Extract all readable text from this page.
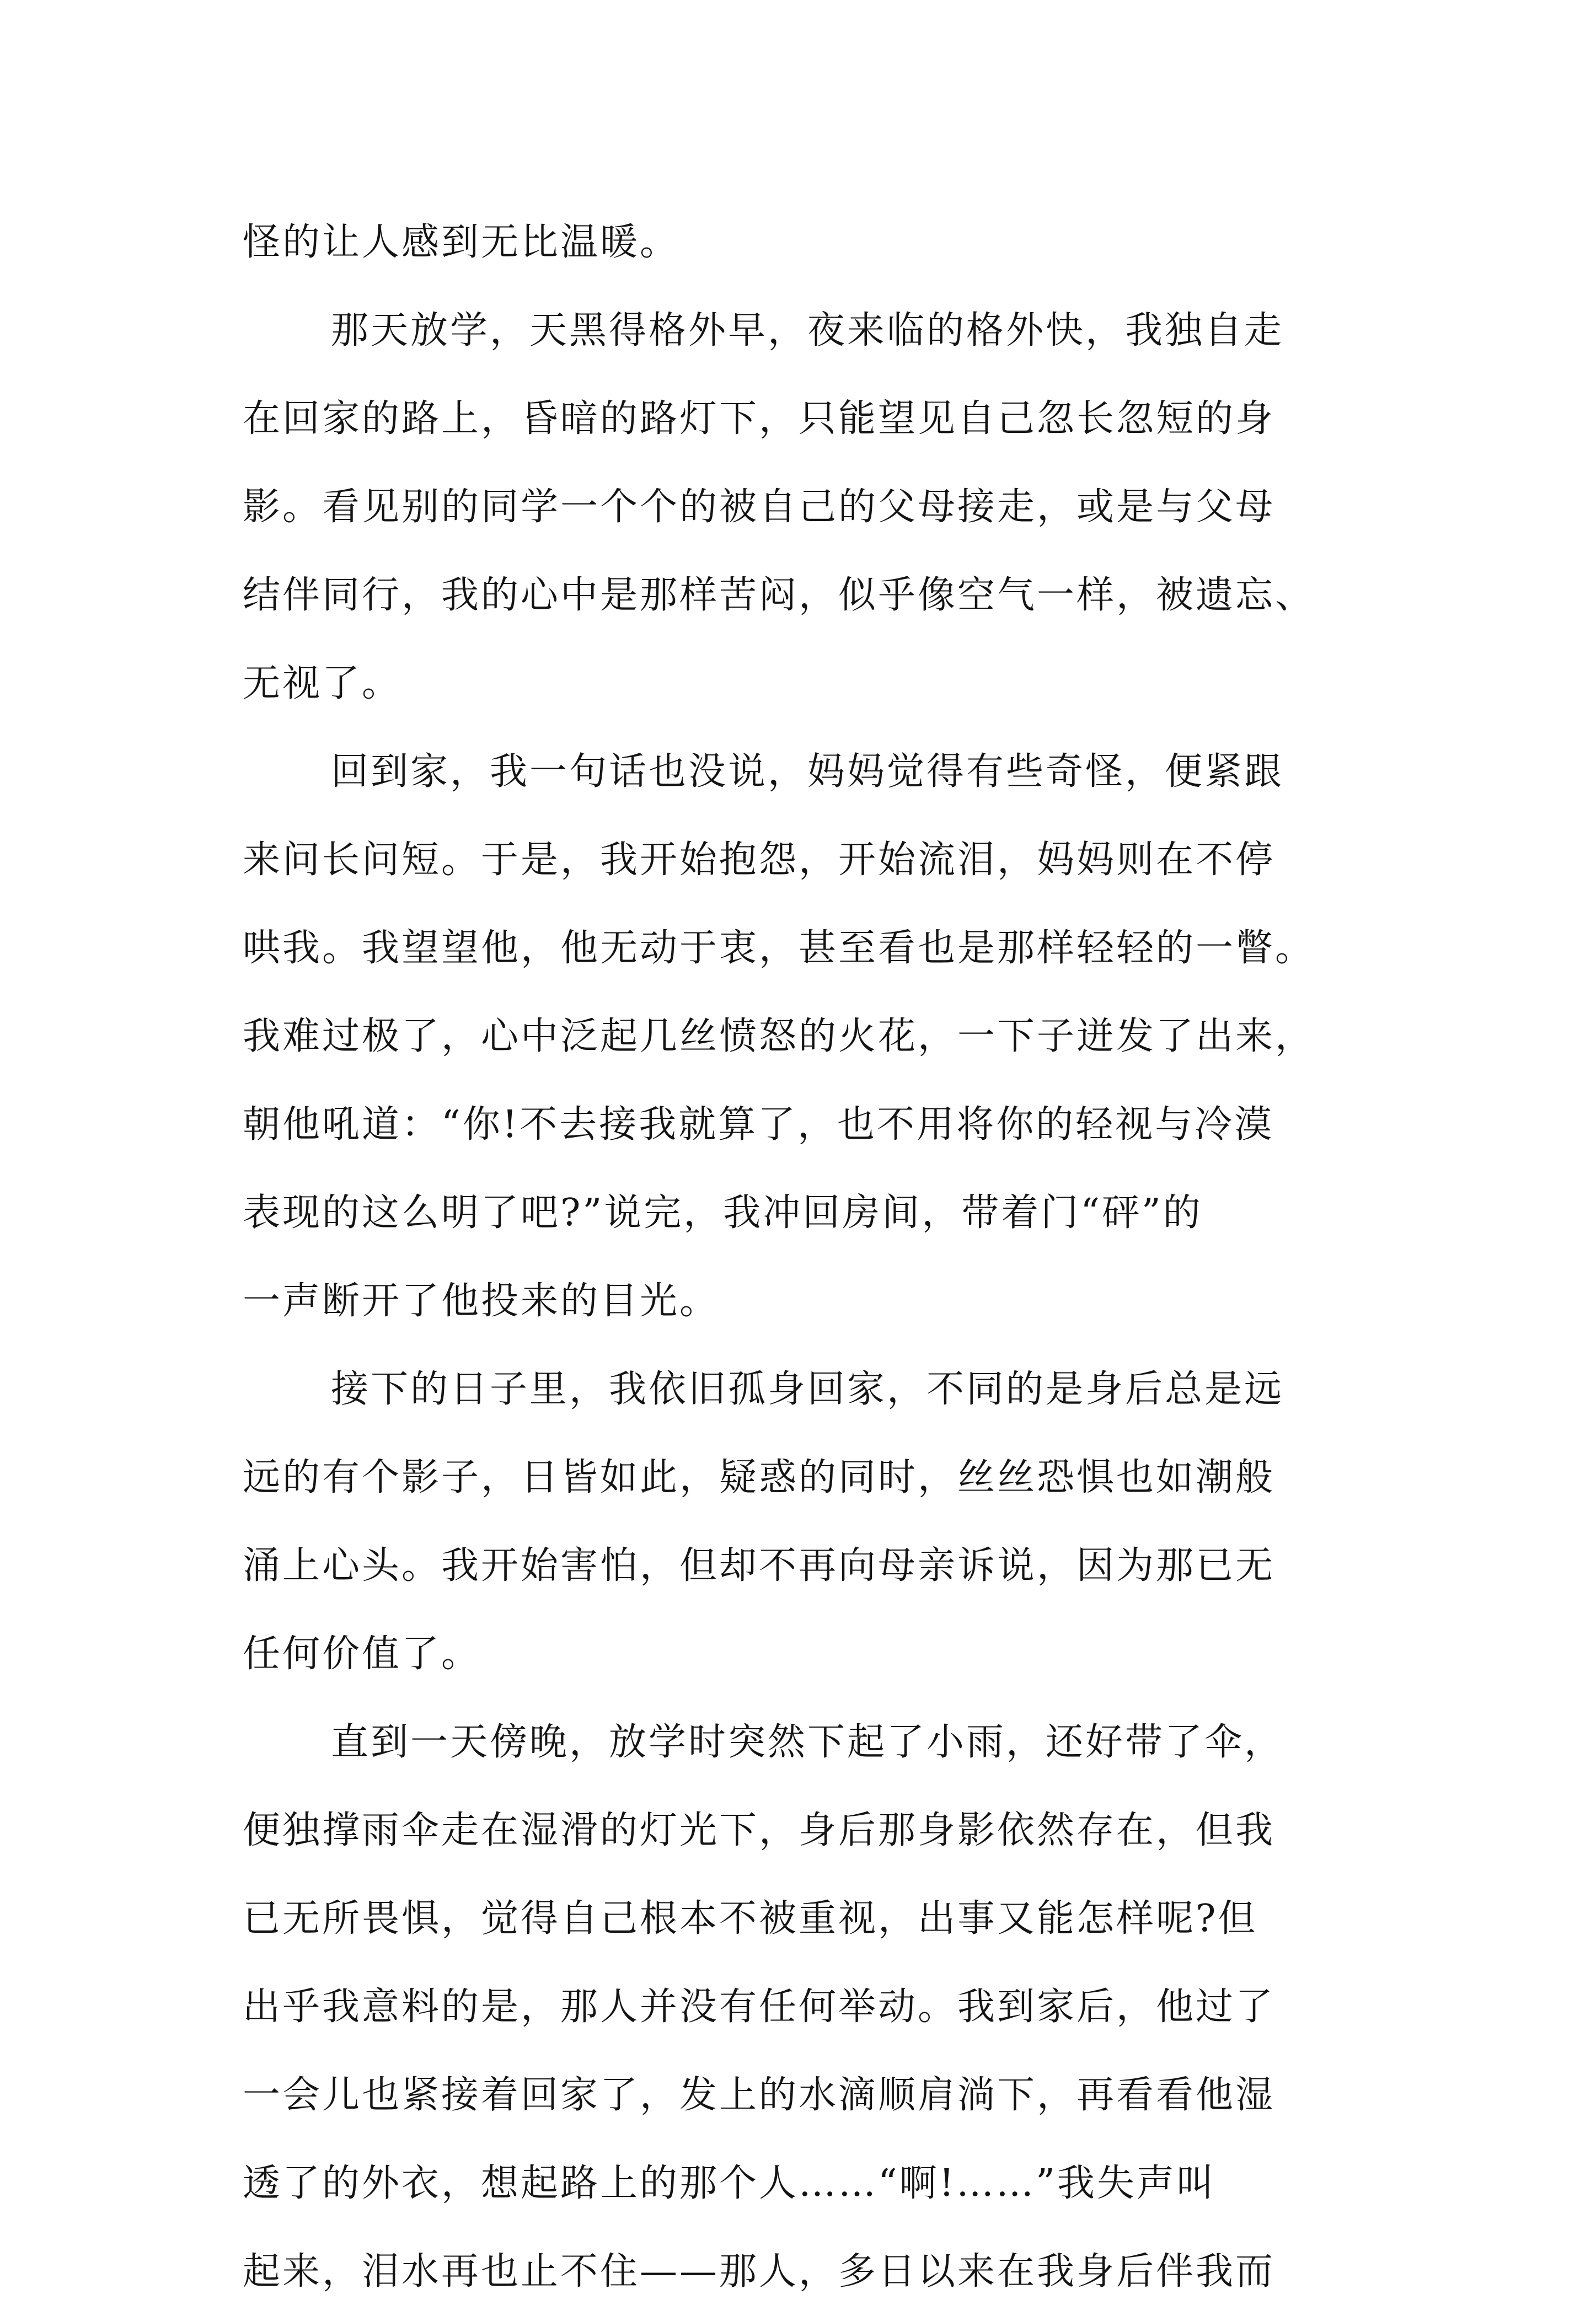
怪的让人感到无比温暖。
那天放学，天黑得格外早，夜来临的格外快，我独自走
在回家的路上，昏暗的路灯下，只能望见自己忽长忽短的身
影。看见别的同学一个个的被自己的父母接走，或是与父母
结伴同行，我的心中是那样苦闷，似乎像空气一样，被遗忘、
无视了。
回到家，我一句话也没说，妈妈觉得有些奇怪，便紧跟
来问长问短。于是，我开始抱怨，开始流泪，妈妈则在不停
哄我。我望望他，他无动于衷，甚至看也是那样轻轻的一瞥。
我难过极了，心中泛起几丝愤怒的火花，一下子迸发了出来，
朝他吼道：“你!不去接我就算了，也不用将你的轻视与冷漠
表现的这么明了吧?”说完，我冲回房间，带着门“砰”的
一声断开了他投来的目光。
接下的日子里，我依旧孤身回家，不同的是身后总是远
远的有个影子，日皆如此，疑惑的同时，丝丝恐惧也如潮般
涌上心头。我开始害怕，但却不再向母亲诉说，因为那已无
任何价值了。
直到一天傍晚，放学时突然下起了小雨，还好带了伞，
便独撑雨伞走在湿滑的灯光下，身后那身影依然存在，但我
已无所畏惧，觉得自己根本不被重视，出事又能怎样呢?但
出乎我意料的是，那人并没有任何举动。我到家后，他过了
一会儿也紧接着回家了，发上的水滴顺肩淌下，再看看他湿
透了的外衣，想起路上的那个人……“啊!……”我失声叫
起来，泪水再也止不住——那人，多日以来在我身后伴我而
